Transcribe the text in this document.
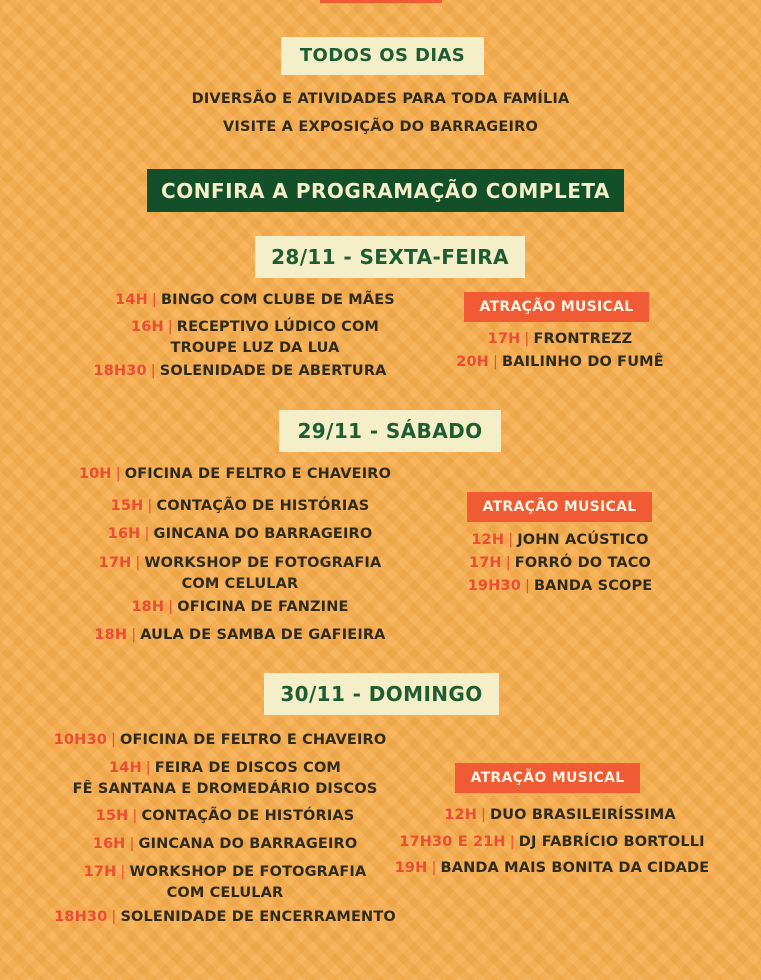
TODOS OS DIAS
DIVERSÃO E ATIVIDADES PARA TODA FAMÍLIA
VISITE A EXPOSIÇÃO DO BARRAGEIRO
CONFIRA A PROGRAMAÇÃO COMPLETA
28/11 - SEXTA-FEIRA
14H | BINGO COM CLUBE DE MÃES
16H | RECEPTIVO LÚDICO COM
TROUPE LUZ DA LUA
18H30 | SOLENIDADE DE ABERTURA
ATRAÇÃO MUSICAL
17H | FRONTREZZ
20H | BAILINHO DO FUMÊ
29/11 - SÁBADO
10H | OFICINA DE FELTRO E CHAVEIRO
15H | CONTAÇÃO DE HISTÓRIAS
16H | GINCANA DO BARRAGEIRO
17H | WORKSHOP DE FOTOGRAFIA
COM CELULAR
18H | OFICINA DE FANZINE
18H | AULA DE SAMBA DE GAFIEIRA
ATRAÇÃO MUSICAL
12H | JOHN ACÚSTICO
17H | FORRÓ DO TACO
19H30 | BANDA SCOPE
30/11 - DOMINGO
10H30 | OFICINA DE FELTRO E CHAVEIRO
14H | FEIRA DE DISCOS COM
FÊ SANTANA E DROMEDÁRIO DISCOS
15H | CONTAÇÃO DE HISTÓRIAS
16H | GINCANA DO BARRAGEIRO
17H | WORKSHOP DE FOTOGRAFIA
COM CELULAR
18H30 | SOLENIDADE DE ENCERRAMENTO
ATRAÇÃO MUSICAL
12H | DUO BRASILEIRÍSSIMA
17H30 E 21H | DJ FABRÍCIO BORTOLLI
19H | BANDA MAIS BONITA DA CIDADE
